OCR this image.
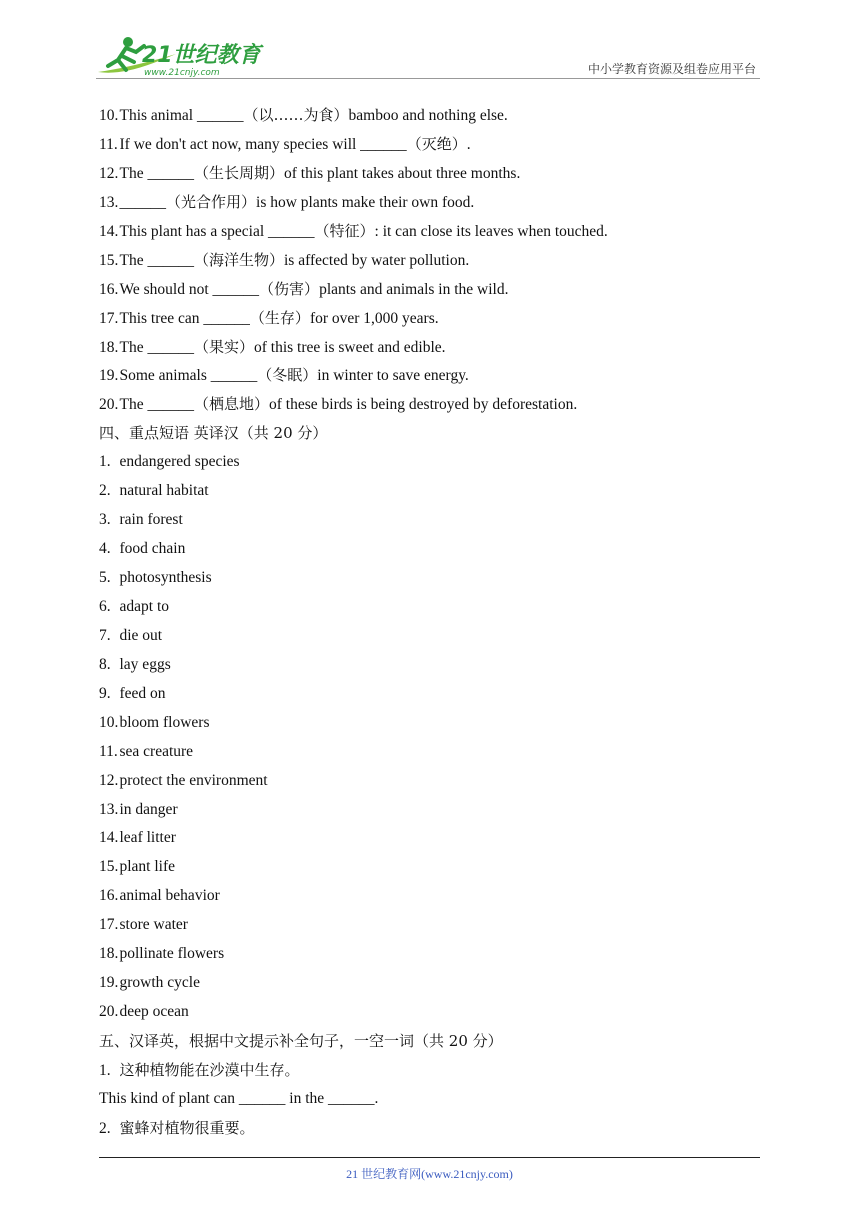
21世纪教育
www.21cnjy.com	中小学教育资源及组卷应用平台
10.This animal ______（以……为食）bamboo and nothing else.
11. If we don't act now, many species will ______（灭绝）.
12.The ______（生长周期）of this plant takes about three months.
13.______（光合作用）is how plants make their own food.
14.This plant has a special ______（特征）: it can close its leaves when touched.
15.The ______（海洋生物）is affected by water pollution.
16.We should not ______（伤害）plants and animals in the wild.
17.This tree can ______（生存）for over 1,000 years.
18.The ______（果实）of this tree is sweet and edible.
19.Some animals ______（冬眠）in winter to save energy.
20.The ______（栖息地）of these birds is being destroyed by deforestation.
四、重点短语 英译汉（共 20 分）
1. endangered species
2. natural habitat
3. rain forest
4. food chain
5. photosynthesis
6. adapt to
7. die out
8. lay eggs
9. feed on
10.bloom flowers
11. sea creature
12.protect the environment
13.in danger
14.leaf litter
15.plant life
16.animal behavior
17.store water
18.pollinate flowers
19.growth cycle
20.deep ocean
五、汉译英，根据中文提示补全句子，一空一词（共 20 分）
1. 这种植物能在沙漠中生存。
This kind of plant can ______ in the ______.
2. 蜜蜂对植物很重要。
21 世纪教育网(www.21cnjy.com)
